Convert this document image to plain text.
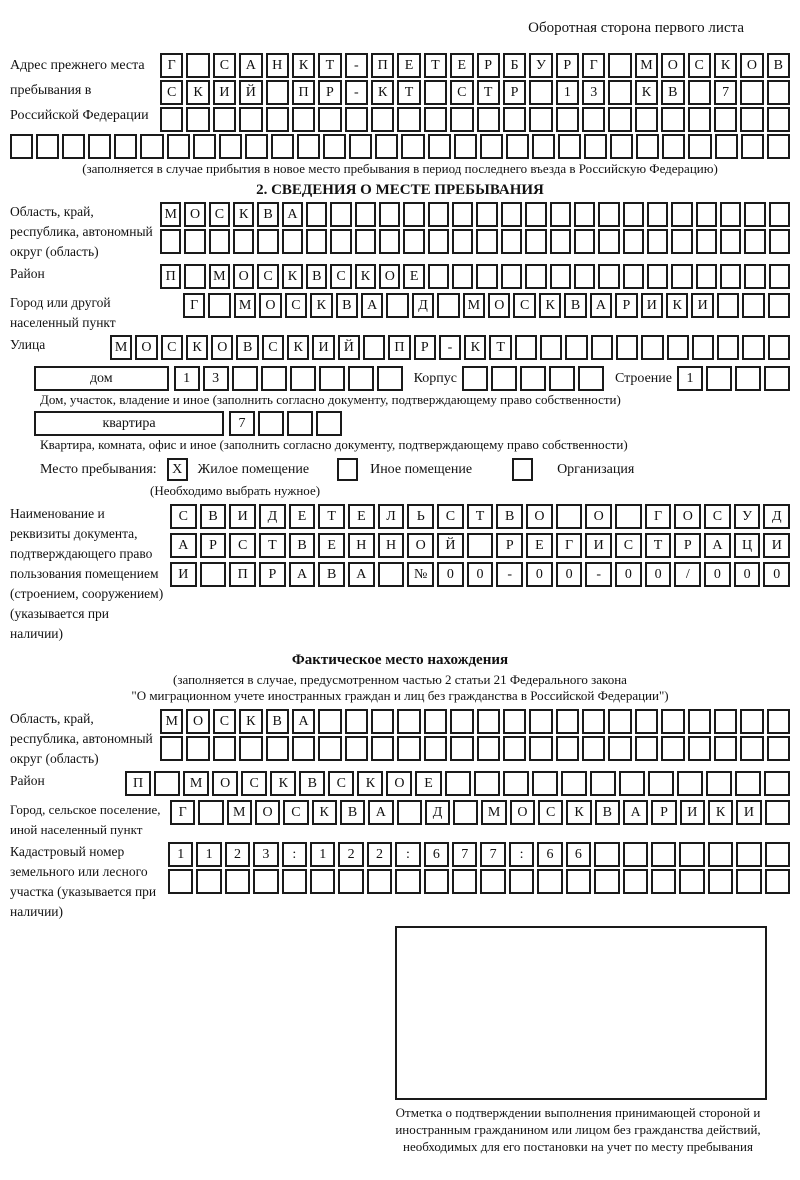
Оборотная сторона первого листа
Адрес прежнего места пребывания в Российской Федерации
Г	С	А	Н	К	Т	-	П	Е	Т	Е	Р	Б	У	Р	Г	М	О	С	К	О	В
С	К	И	Й	П	Р	-	К	Т	С	Т	Р	1	3	К	В	7
(заполняется в случае прибытия в новое место пребывания в период последнего въезда в Российскую Федерацию)
2. СВЕДЕНИЯ О МЕСТЕ ПРЕБЫВАНИЯ
Область, край, республика, автономный округ (область)
М О	С	К	В	А
Район	П	М О	С	К	В	С	К	О	Е
Город или другой населенный пункт
Г	М	О	С	К	В	А	Д	М	О	С	К	В	А	Р	И	К	И
Улица	М	О	С	К	О	В	С	К	И	Й	П	Р	-	К	Т
дом	1	3	Корпус	Строение	1
Дом, участок, владение и иное (заполнить согласно документу, подтверждающему право собственности)
квартира	7
Квартира, комната, офис и иное (заполнить согласно документу, подтверждающему право собственности)
Место пребывания:	X	Жилое помещение	Иное помещение	Организация
(Необходимо выбрать нужное)
Наименование и реквизиты документа, подтверждающего право пользования помещением (строением, сооружением) (указывается при наличии)
С	В	И	Д	Е	Т	Е	Л	Ь	С	Т	В	О	О	Г	О	С	У	Д
А	Р	С	Т	В	Е	Н	Н	О	Й	Р	Е	Г	И	С	Т	Р	А	Ц	И
И	П	Р	А	В	А	№	0	0	-	0	0	-	0	0	/	0	0	0
Фактическое место нахождения
(заполняется в случае, предусмотренном частью 2 статьи 21 Федерального закона
"О миграционном учете иностранных граждан и лиц без гражданства в Российской Федерации")
Область, край, республика, автономный округ (область)
М	О	С	К	В	А
Район	П	М	О	С	К	В	С	К	О	Е
Город, сельское поселение, иной населенный пункт
Г	М	О	С	К	В	А	Д	М	О	С	К	В	А	Р	И	К	И
Кадастровый номер земельного или лесного участка (указывается при наличии)
1	1	2	3	:	1	2	2	:	6	7	7	:	6	6
Отметка о подтверждении выполнения принимающей стороной и иностранным гражданином или лицом без гражданства действий, необходимых для его постановки на учет по месту пребывания
